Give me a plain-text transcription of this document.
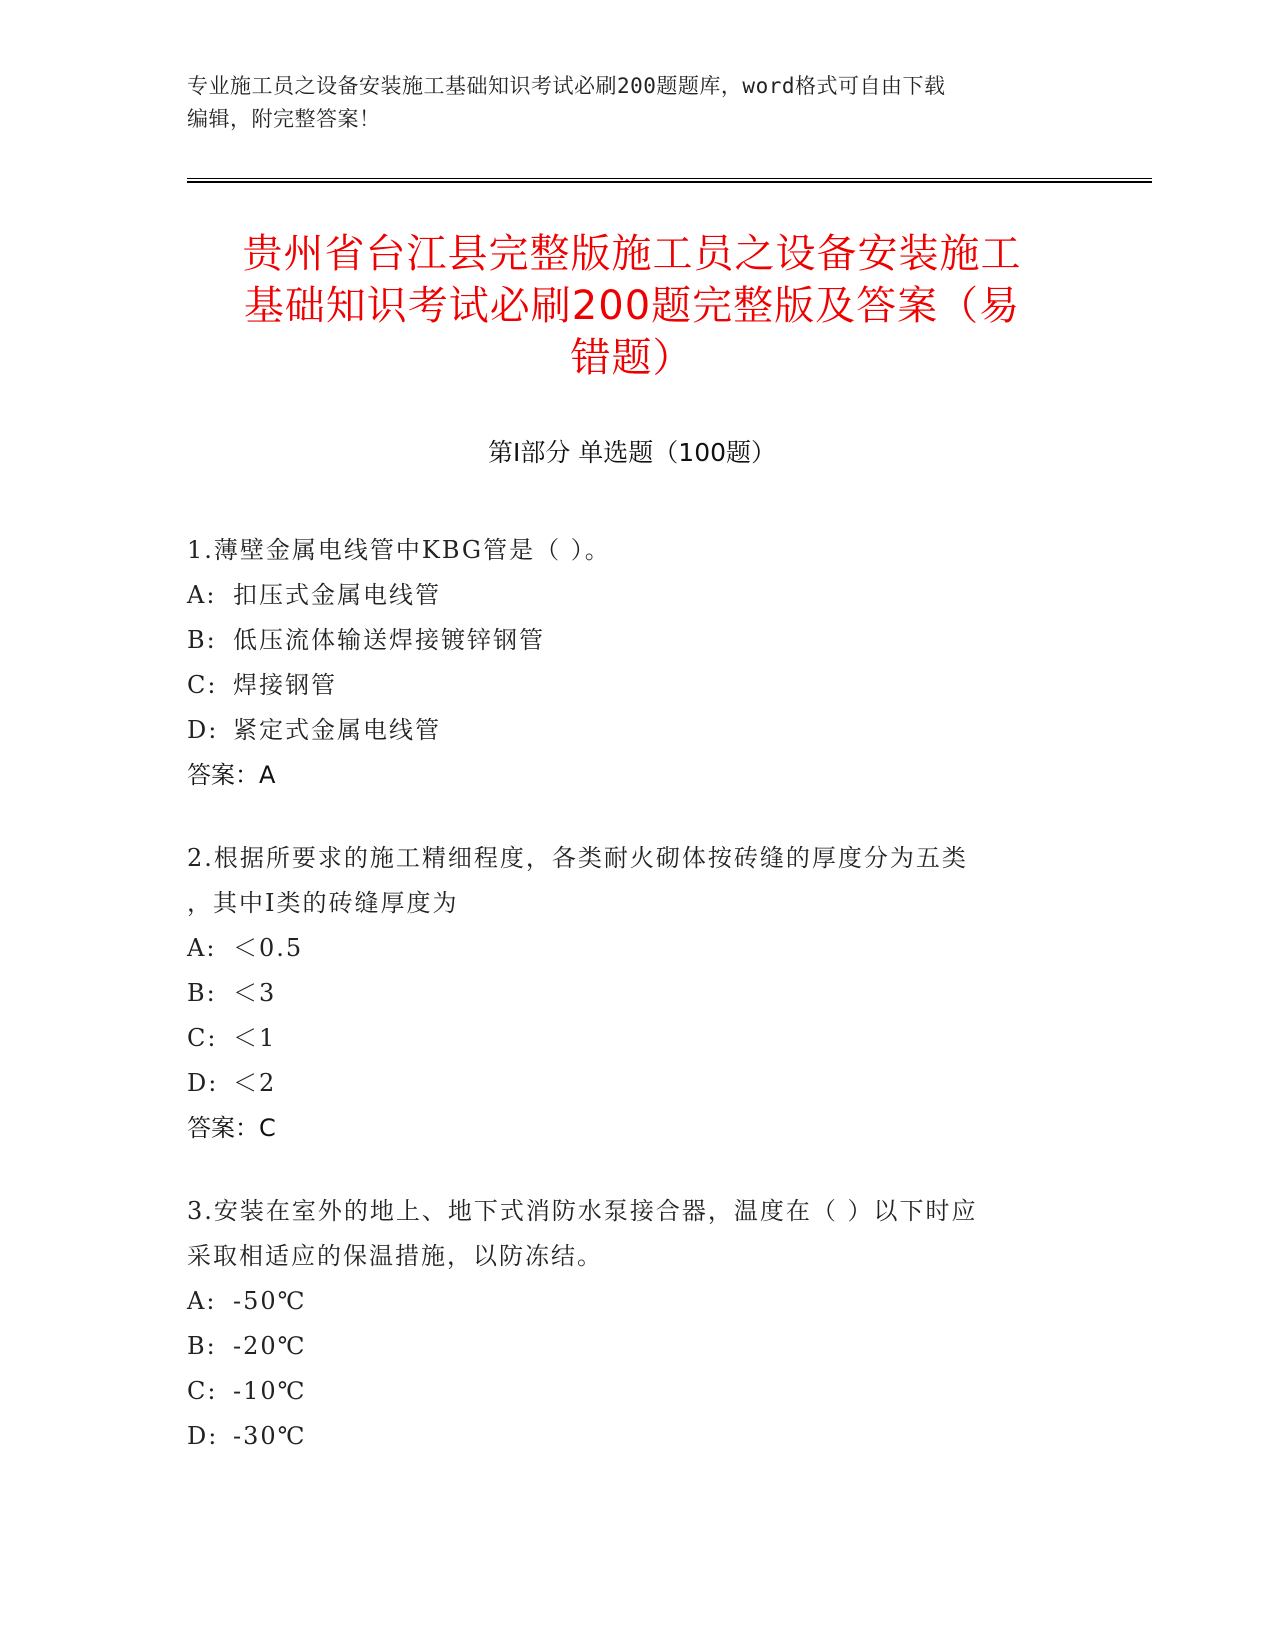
专业施工员之设备安装施工基础知识考试必刷200题题库，word格式可自由下载
编辑，附完整答案！
贵州省台江县完整版施工员之设备安装施工
基础知识考试必刷200题完整版及答案（易
错题）
第Ⅰ部分 单选题（100题）
1.薄壁金属电线管中KBG管是（ ）。
A: 扣压式金属电线管
B: 低压流体输送焊接镀锌钢管
C: 焊接钢管
D: 紧定式金属电线管
答案：A
2.根据所要求的施工精细程度，各类耐火砌体按砖缝的厚度分为五类
，其中Ⅰ类的砖缝厚度为
A: ＜0.5
B: ＜3
C: ＜1
D: ＜2
答案：C
3.安装在室外的地上、地下式消防水泵接合器，温度在（ ）以下时应
采取相适应的保温措施，以防冻结。
A: -50℃
B: -20℃
C: -10℃
D: -30℃
